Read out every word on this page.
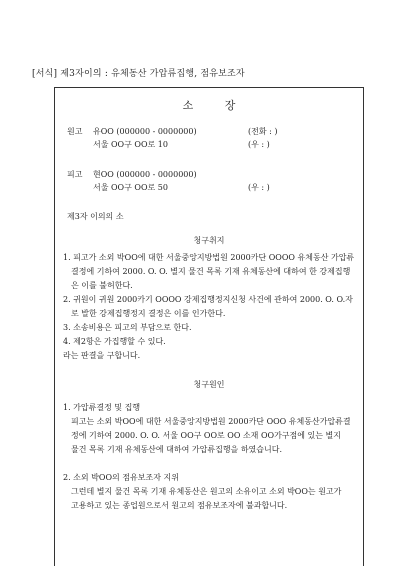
[서식] 제3자이의 : 유체동산 가압류집행, 점유보조자
소 장
원고 유OO (000000 - 0000000)	(전화 : )
서울 OO구 OO로 10	(우 : )
피고 현OO (000000 - 0000000)
서울 OO구 OO로 50	(우 : )
제3자 이의의 소
청구취지
1. 피고가 소외 박OO에 대한 서울중앙지방법원 2000카단 OOOO 유체동산 가압류
결정에 기하여 2000. O. O. 별지 물건 목록 기재 유체동산에 대하여 한 강제집행
은 이를 불허한다.
2. 귀원이 귀원 2000카기 OOOO 강제집행정지신청 사건에 관하여 2000. O. O.자
로 발한 강제집행정지 결정은 이를 인가한다.
3. 소송비용은 피고의 부담으로 한다.
4. 제2항은 가집행할 수 있다.
라는 판결을 구합니다.
청구원인
1. 가압류결정 및 집행
피고는 소외 박OO에 대한 서울중앙지방법원 2000카단 OOO 유체동산가압류결
정에 기하여 2000. O. O. 서울 OO구 OO로 OO 소재 OO가구점에 있는 별지
물건 목록 기재 유체동산에 대하여 가압류집행을 하였습니다.
2. 소외 박OO의 점유보조자 지위
그런데 별지 물건 목록 기재 유체동산은 원고의 소유이고 소외 박OO는 원고가
고용하고 있는 종업원으로서 원고의 점유보조자에 불과합니다.
